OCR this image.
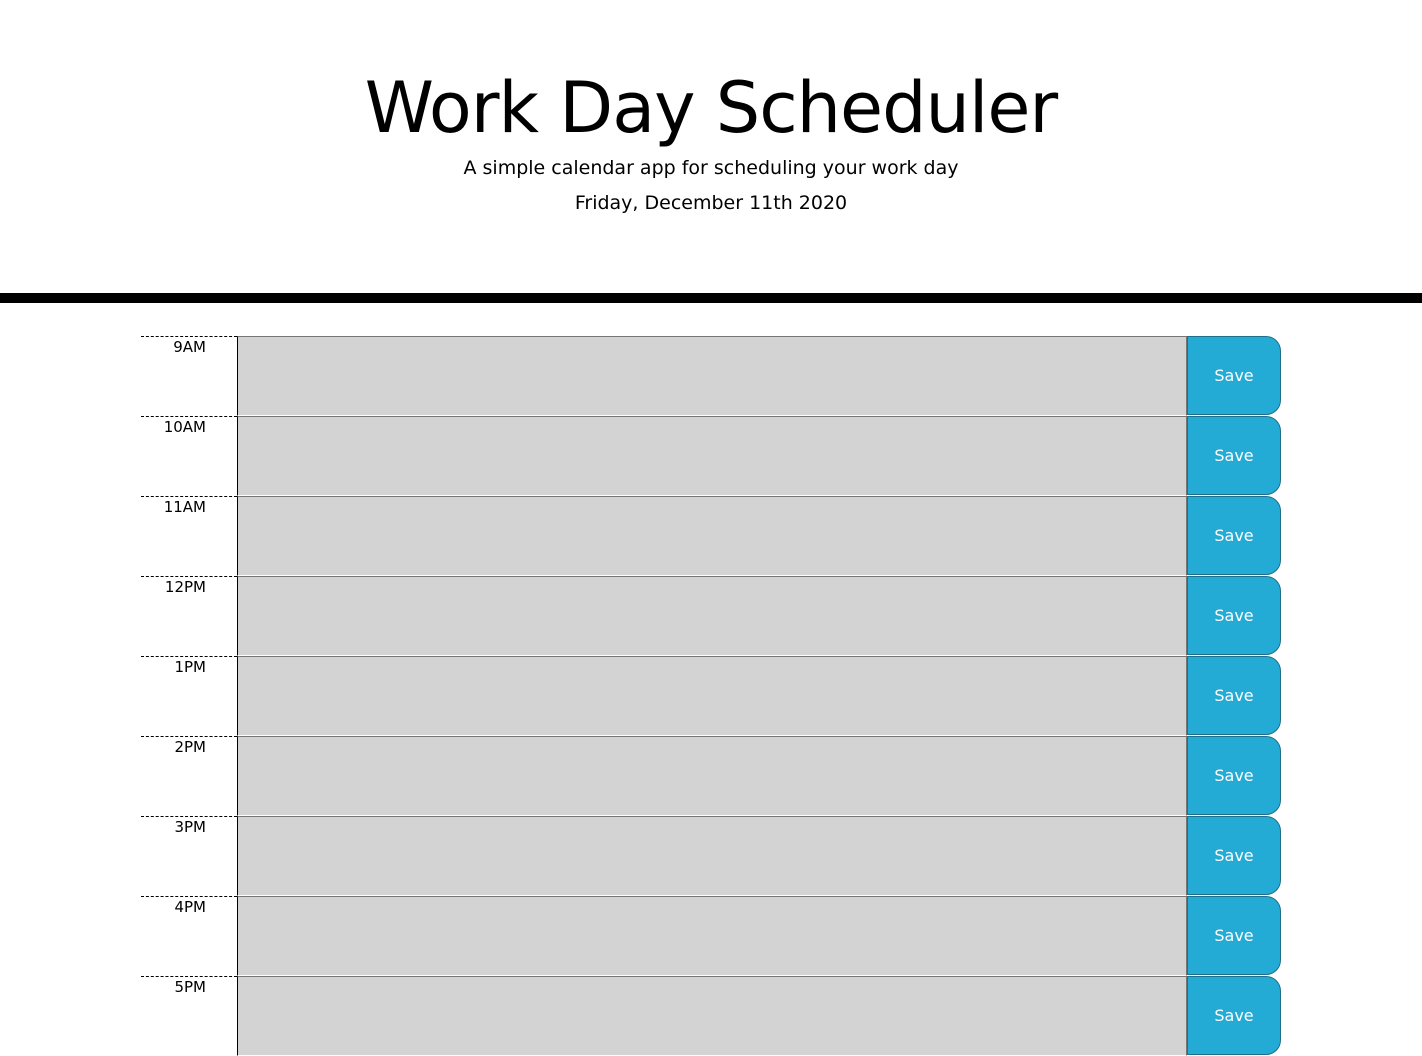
Work Day Scheduler

A simple calendar app for scheduling your work day

Friday, December 11th 2020

9AM
Save
10AM
Save
11AM
Save
12PM
Save
1PM
Save
2PM
Save
3PM
Save
4PM
Save
5PM
Save
